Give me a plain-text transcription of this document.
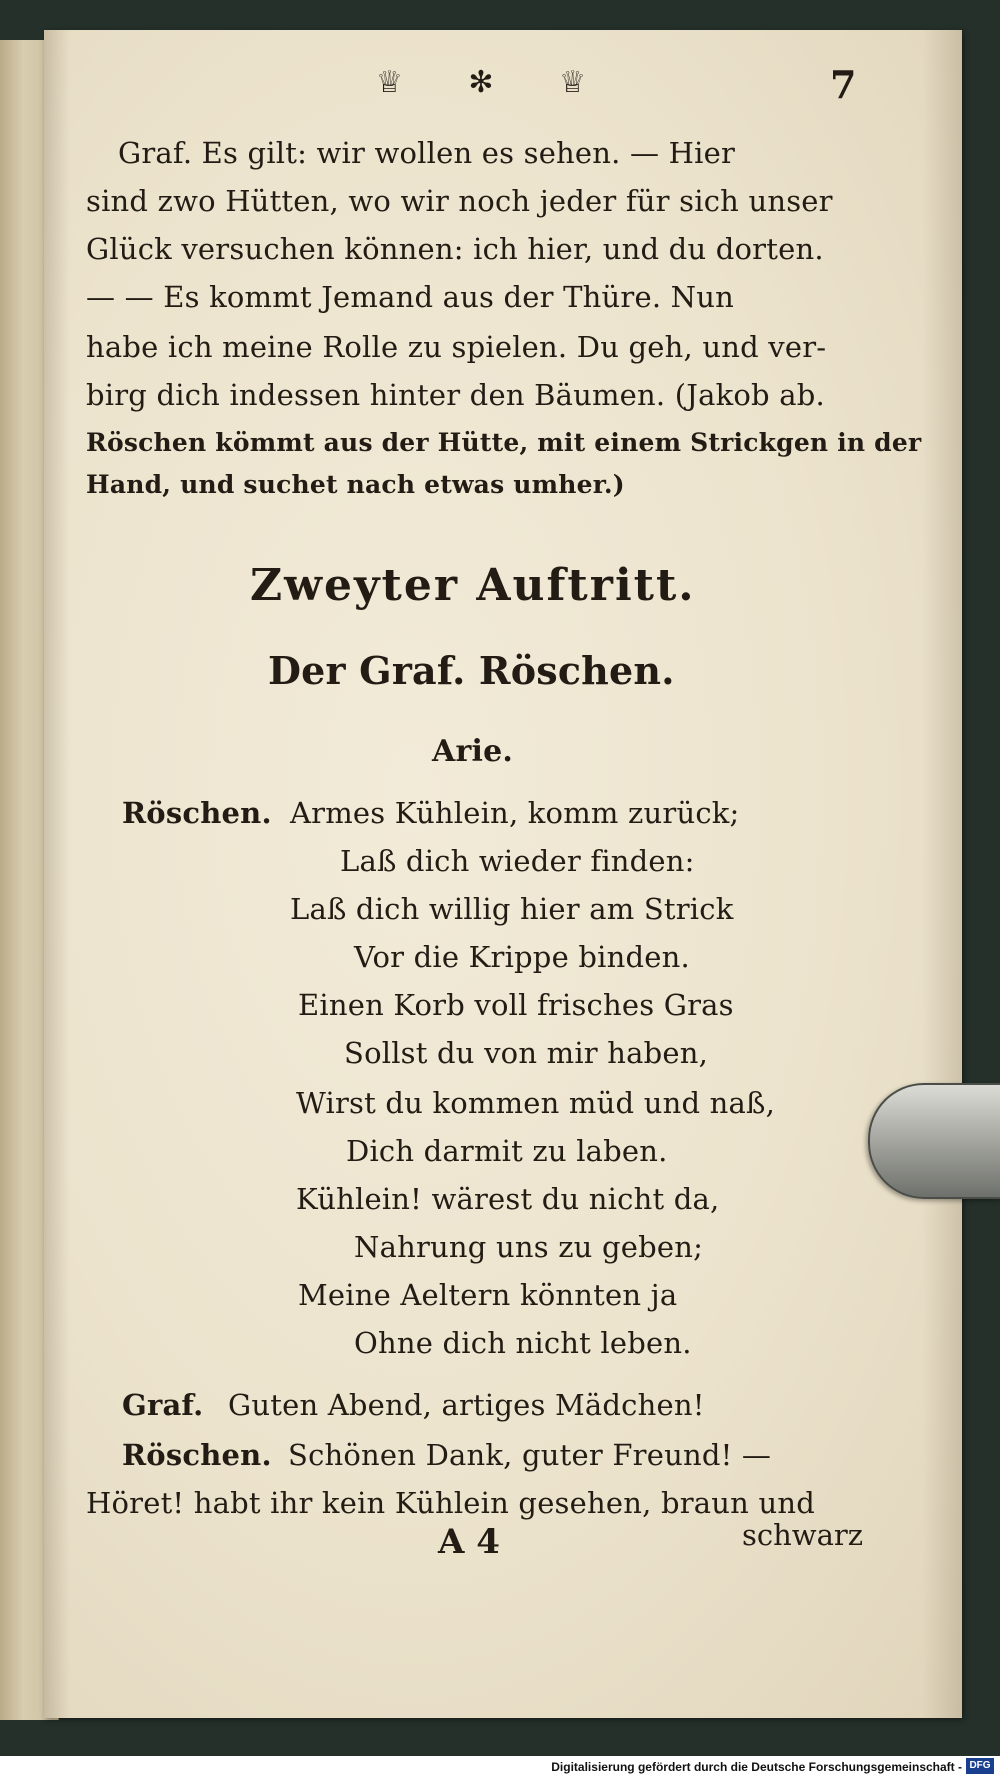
♕ ✻ ♕	7
Graf. Es gilt: wir wollen es sehen. — Hier
sind zwo Hütten, wo wir noch jeder für sich unser
Glück versuchen können: ich hier, und du dorten.
— — Es kommt Jemand aus der Thüre. Nun
habe ich meine Rolle zu spielen. Du geh, und ver-
birg dich indessen hinter den Bäumen. (Jakob ab.
Röschen kömmt aus der Hütte, mit einem Strickgen in der
Hand, und suchet nach etwas umher.)
Zweyter Auftritt.
Der Graf. Röschen.
Arie.
Röschen. Armes Kühlein, komm zurück;
Laß dich wieder finden:
Laß dich willig hier am Strick
Vor die Krippe binden.
Einen Korb voll frisches Gras
Sollst du von mir haben,
Wirst du kommen müd und naß,
Dich darmit zu laben.
Kühlein! wärest du nicht da,
Nahrung uns zu geben;
Meine Aeltern könnten ja
Ohne dich nicht leben.
Graf. Guten Abend, artiges Mädchen!
Röschen. Schönen Dank, guter Freund! —
Höret! habt ihr kein Kühlein gesehen, braun und
A 4	schwarz
Digitalisierung gefördert durch die Deutsche Forschungsgemeinschaft - DFG
